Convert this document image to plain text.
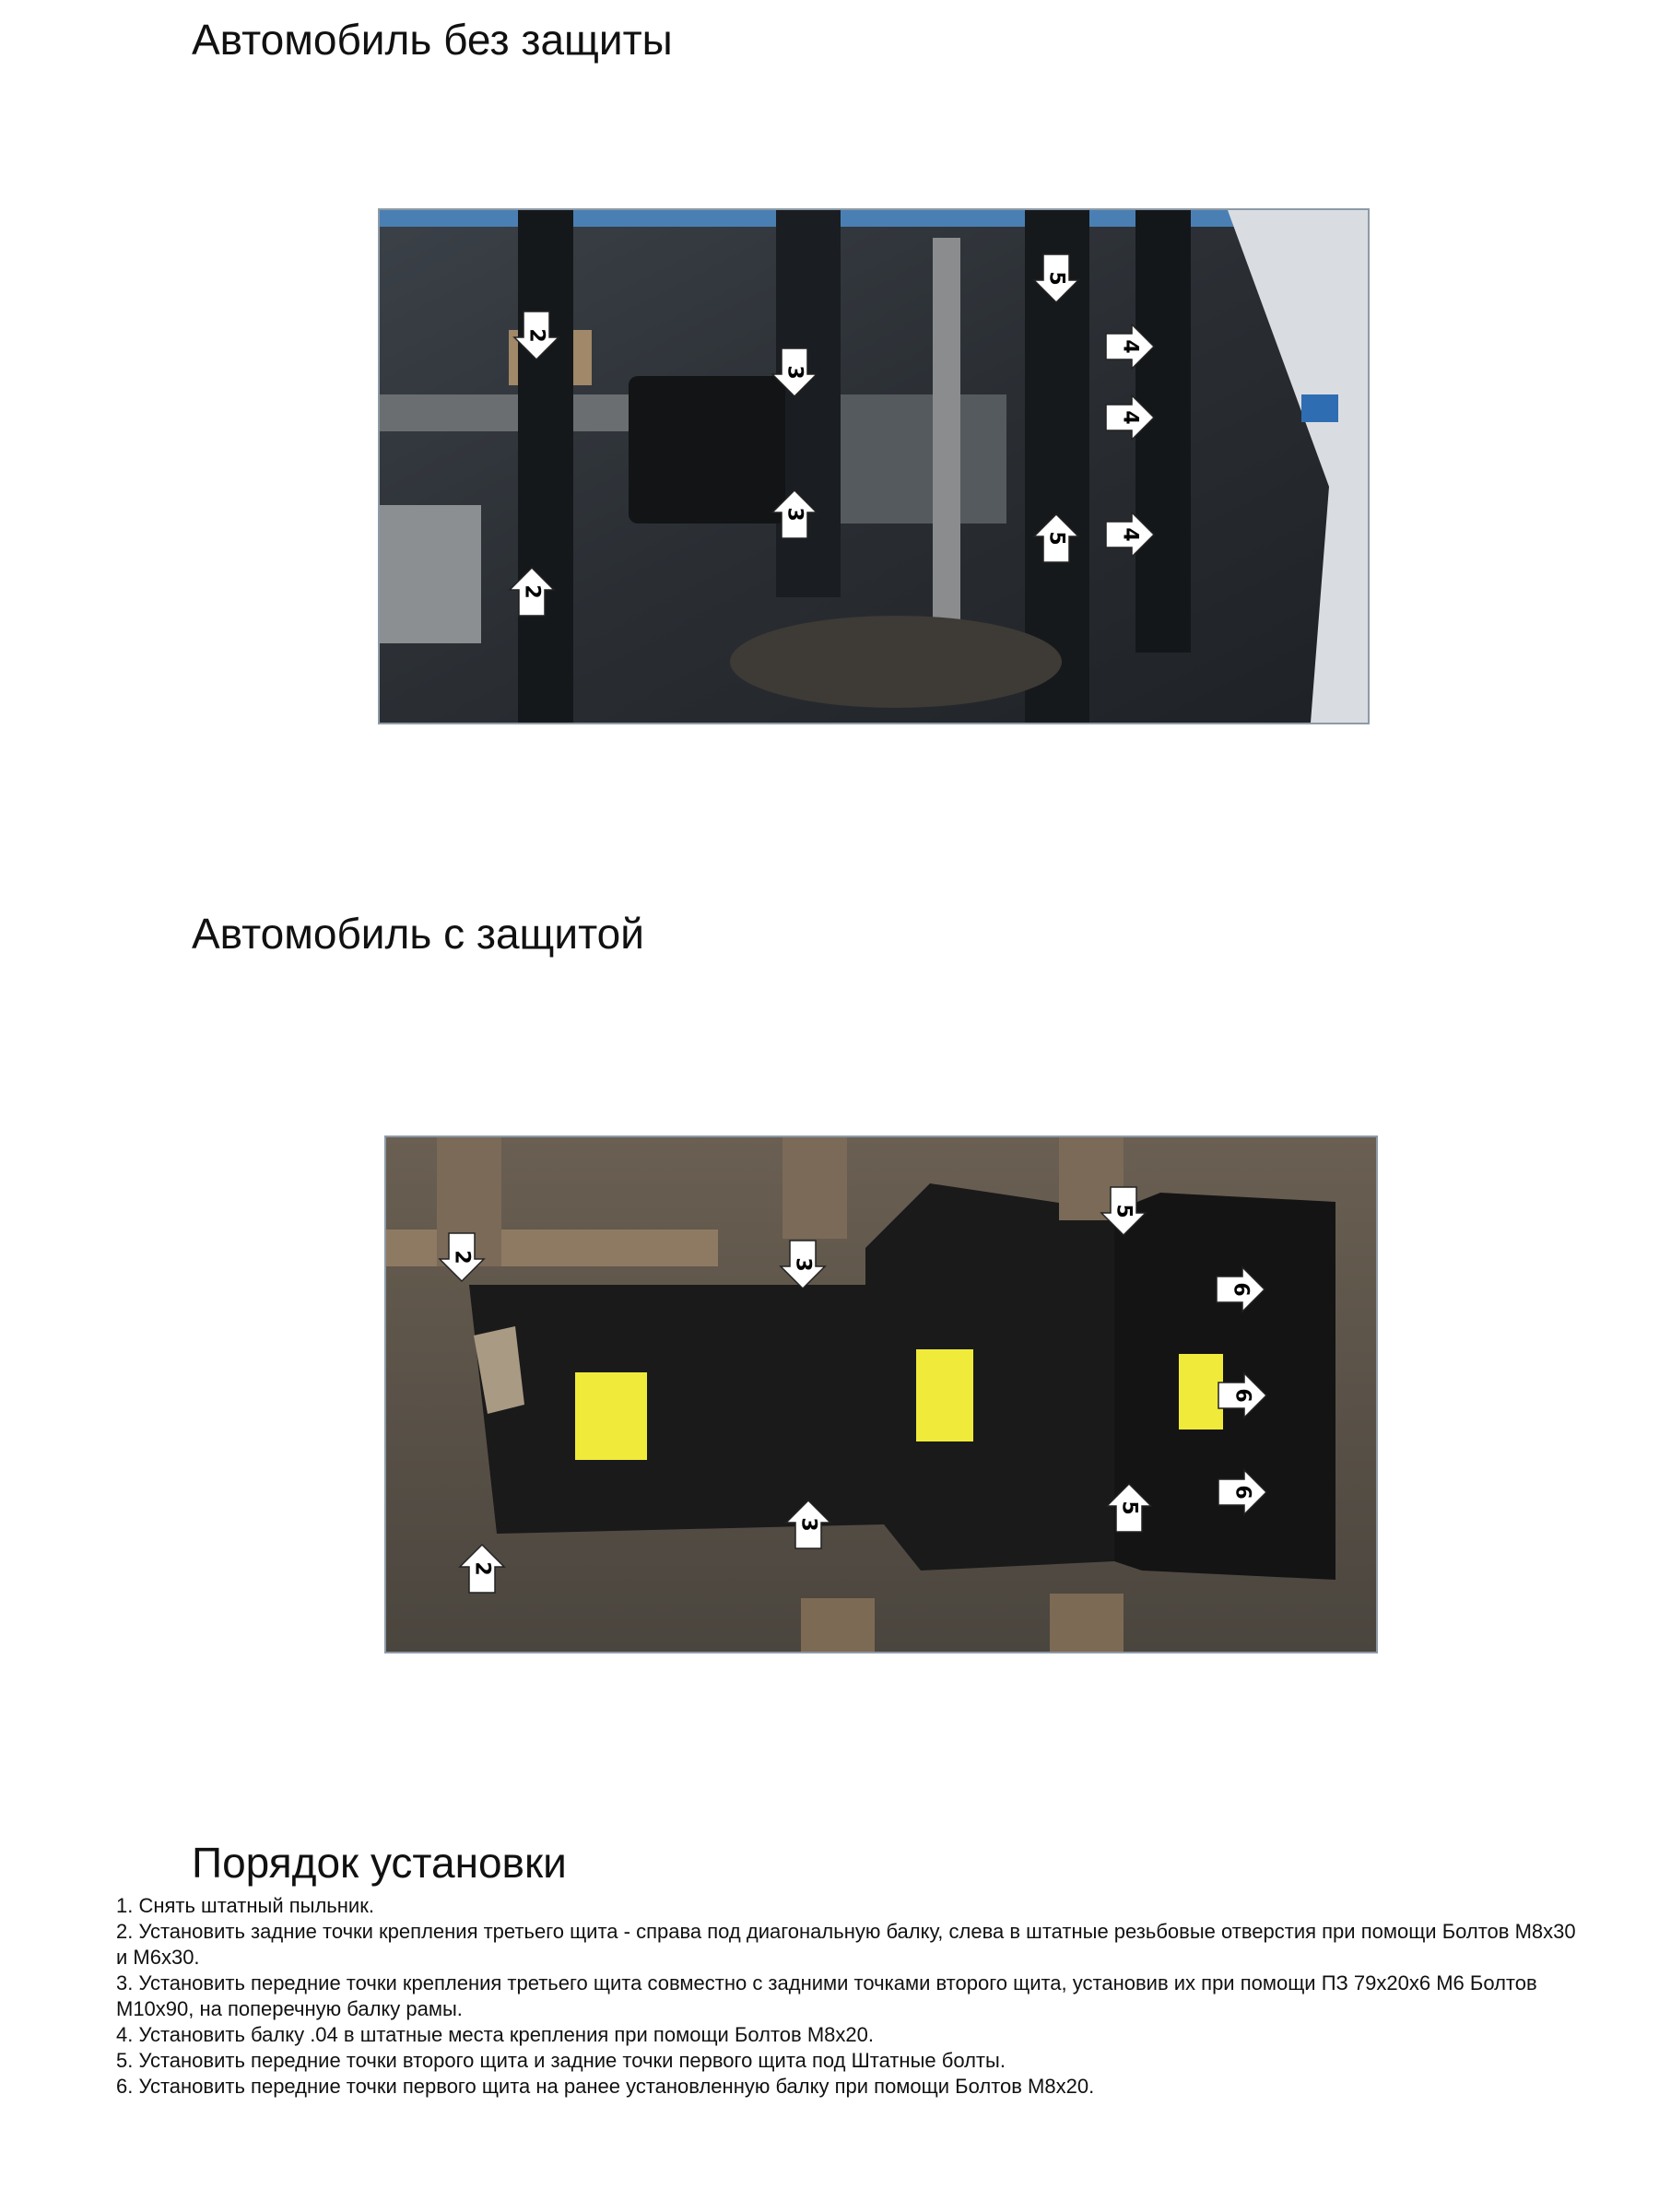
Автомобиль без защиты
2
2
3
3
5
5
4
4
4
Автомобиль с защитой
2
2
3
3
5
5
6
6
6
Порядок установки

1. Снять штатный пыльник.

2. Установить задние точки крепления третьего щита - справа под диагональную балку, слева в штатные резьбовые отверстия при помощи Болтов М8х30 и М6х30.

3. Установить передние точки крепления третьего щита совместно с задними точками второго щита, установив их при помощи ПЗ 79х20х6 М6 Болтов М10х90, на поперечную балку рамы.

4. Установить балку .04 в штатные места крепления при помощи Болтов М8х20.

5. Установить передние точки второго щита и задние точки первого щита под Штатные болты.

6. Установить передние точки первого щита на ранее установленную балку при помощи Болтов М8х20.
